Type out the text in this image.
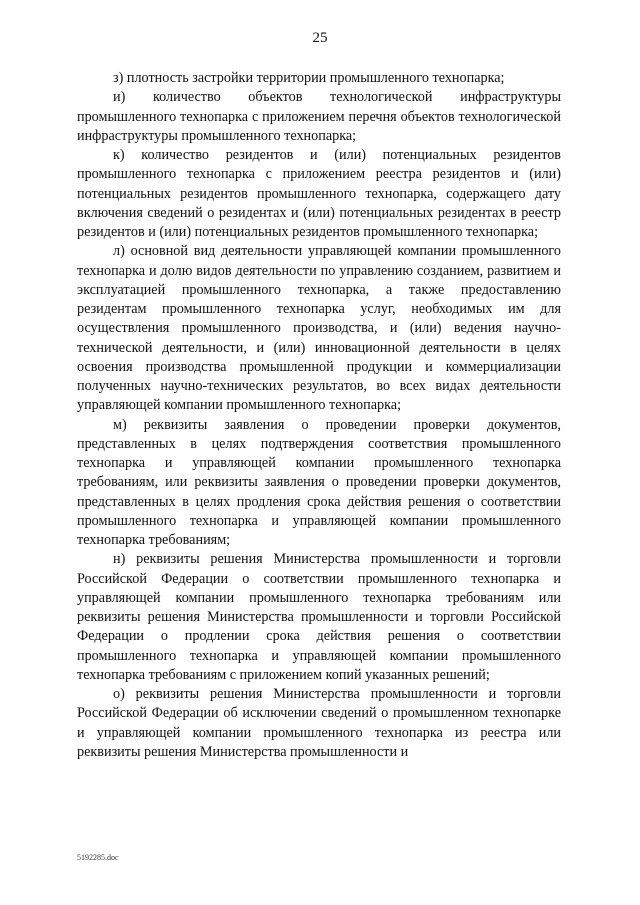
25

з) плотность застройки территории промышленного технопарка;

и) количество объектов технологической инфраструктуры промышленного технопарка с приложением перечня объектов технологической инфраструктуры промышленного технопарка;

к) количество резидентов и (или) потенциальных резидентов промышленного технопарка с приложением реестра резидентов и (или) потенциальных резидентов промышленного технопарка, содержащего дату включения сведений о резидентах и (или) потенциальных резидентах в реестр резидентов и (или) потенциальных резидентов промышленного технопарка;

л) основной вид деятельности управляющей компании промышленного технопарка и долю видов деятельности по управлению созданием, развитием и эксплуатацией промышленного технопарка, а также предоставлению резидентам промышленного технопарка услуг, необходимых им для осуществления промышленного производства, и (или) ведения научно-технической деятельности, и (или) инновационной деятельности в целях освоения производства промышленной продукции и коммерциализации полученных научно-технических результатов, во всех видах деятельности управляющей компании промышленного технопарка;

м) реквизиты заявления о проведении проверки документов, представленных в целях подтверждения соответствия промышленного технопарка и управляющей компании промышленного технопарка требованиям, или реквизиты заявления о проведении проверки документов, представленных в целях продления срока действия решения о соответствии промышленного технопарка и управляющей компании промышленного технопарка требованиям;

н) реквизиты решения Министерства промышленности и торговли Российской Федерации о соответствии промышленного технопарка и управляющей компании промышленного технопарка требованиям или реквизиты решения Министерства промышленности и торговли Российской Федерации о продлении срока действия решения о соответствии промышленного технопарка и управляющей компании промышленного технопарка требованиям с приложением копий указанных решений;

о) реквизиты решения Министерства промышленности и торговли Российской Федерации об исключении сведений о промышленном технопарке и управляющей компании промышленного технопарка из реестра или реквизиты решения Министерства промышленности и

5192285.doc
